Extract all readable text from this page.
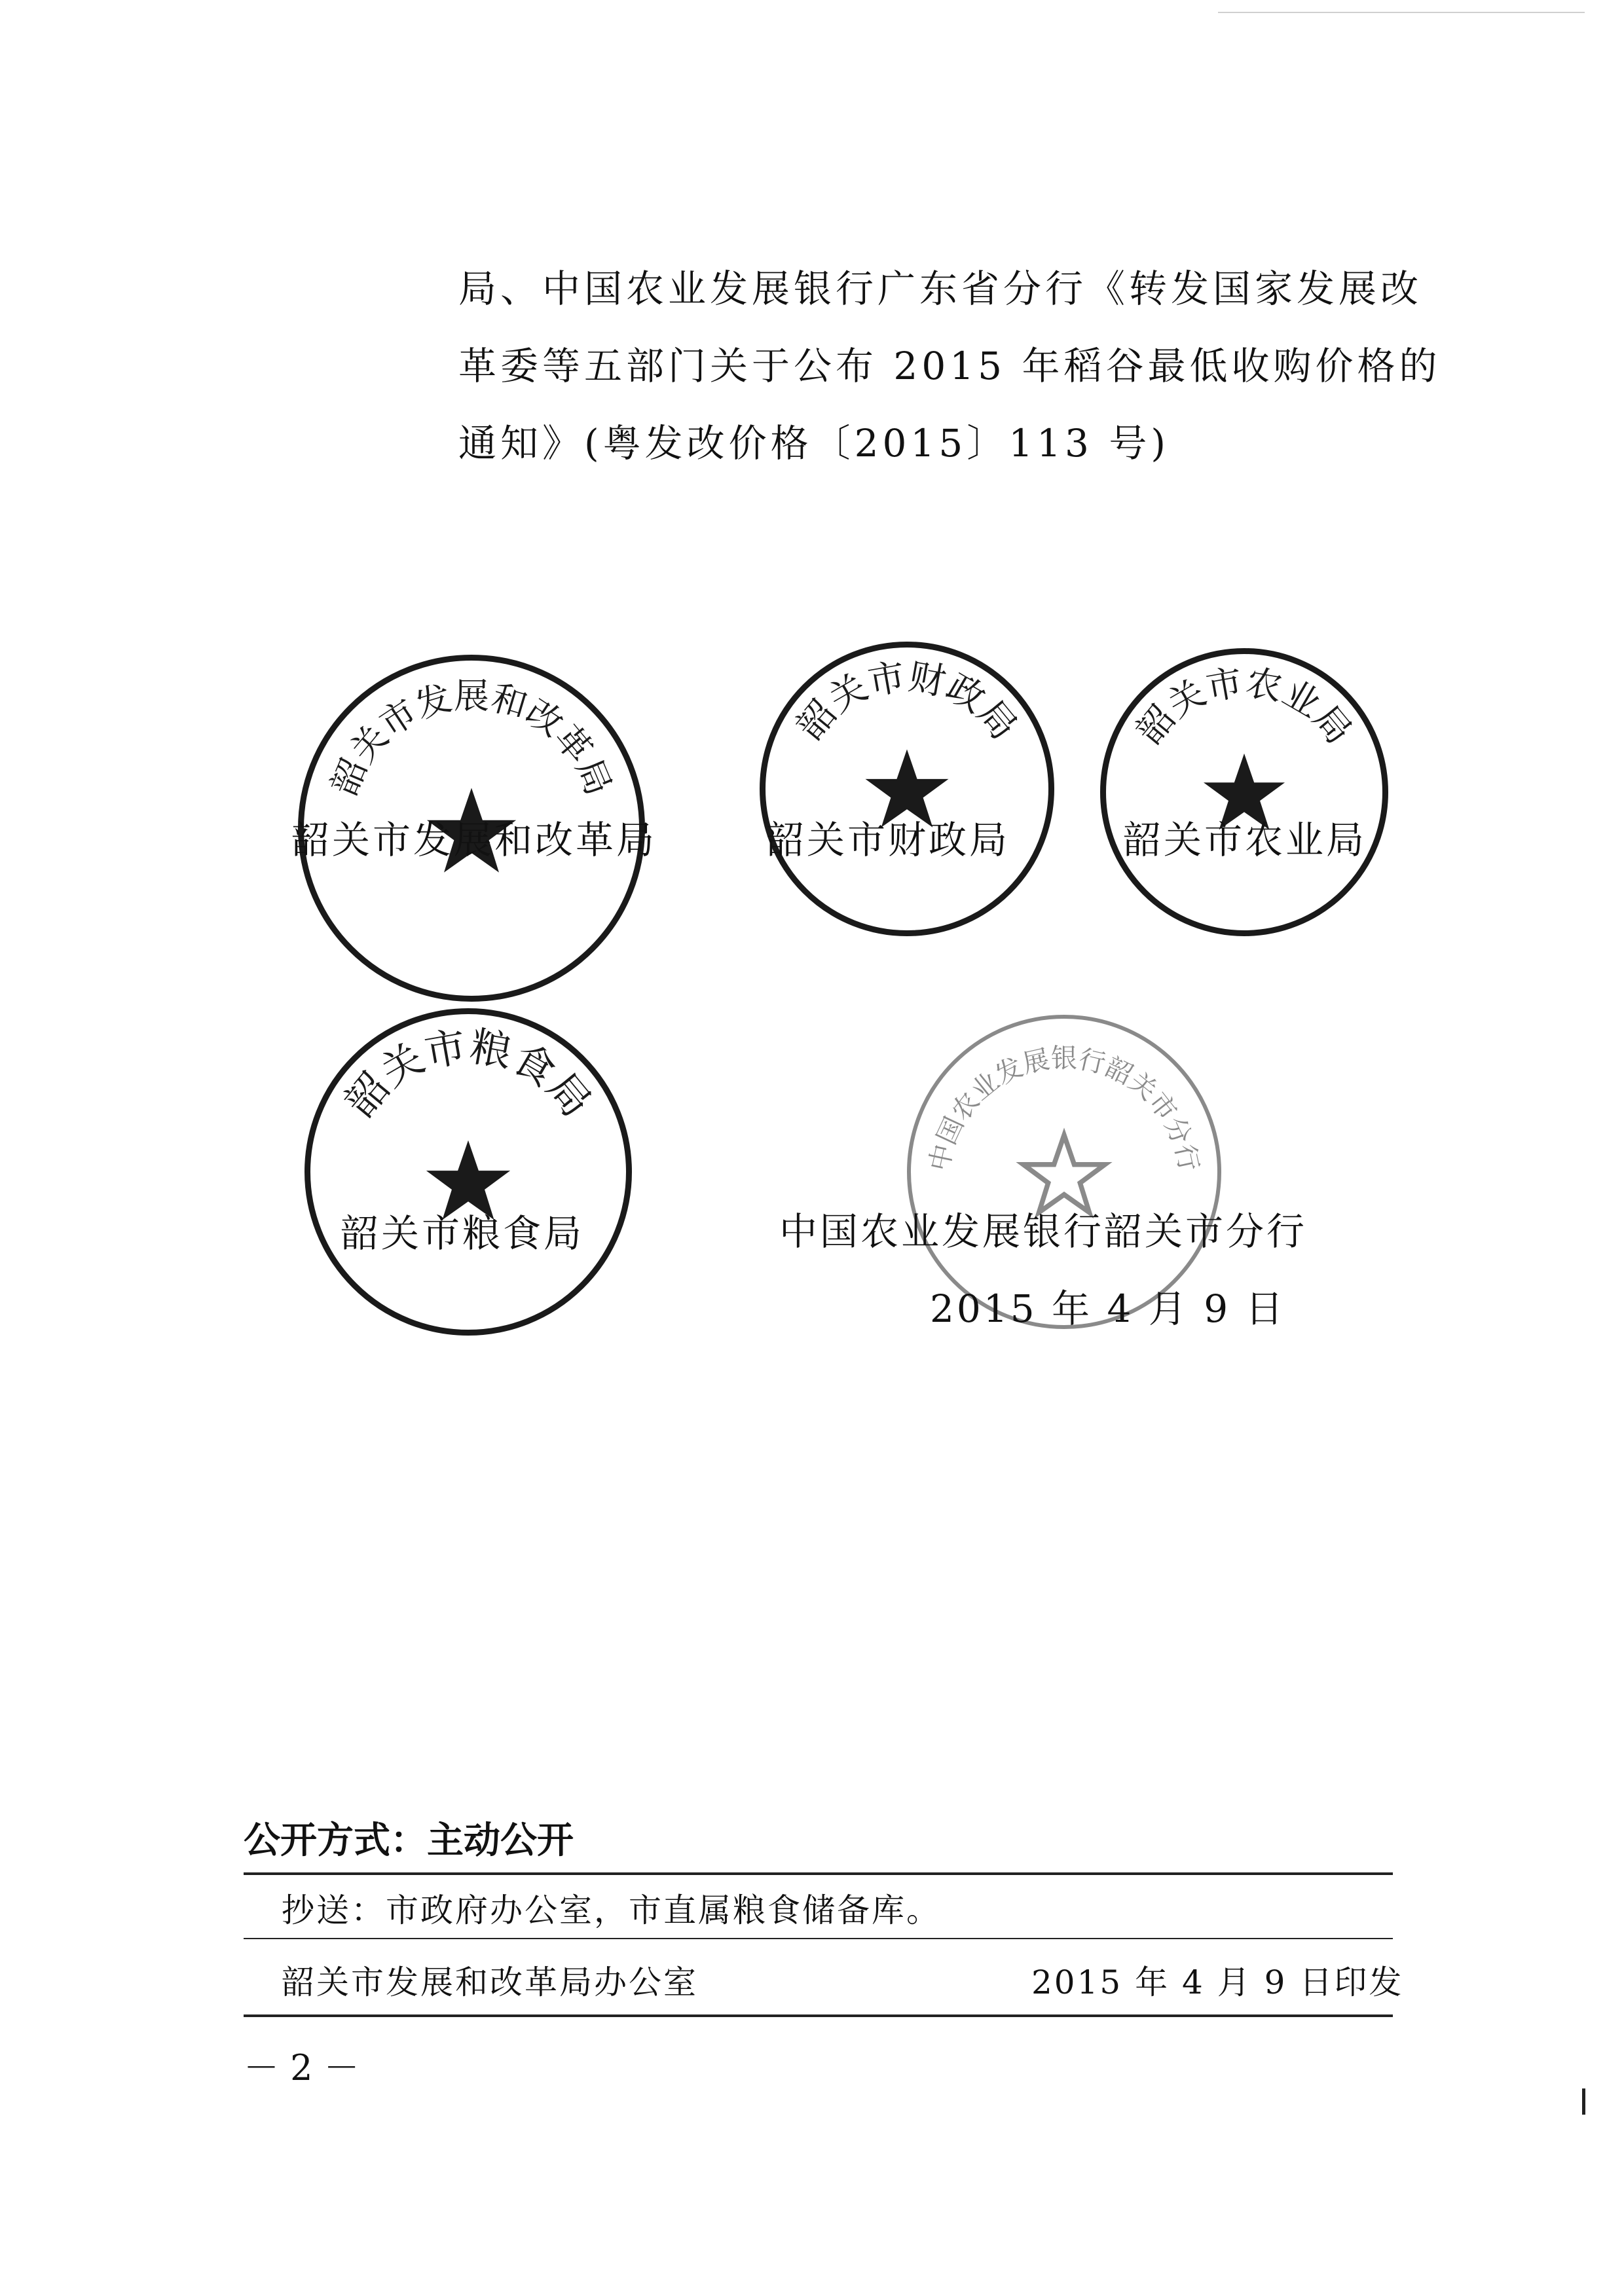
局、中国农业发展银行广东省分行《转发国家发展改
革委等五部门关于公布 2015 年稻谷最低收购价格的
通知》(粤发改价格〔2015〕113 号)
韶关市发展和改革局
韶关市发展和改革局
韶关市财政局
韶关市财政局
韶关市农业局
韶关市农业局
韶关市粮食局
韶关市粮食局
中国农业发展银行韶关市分行
中国农业发展银行韶关市分行
2015 年 4 月 9 日
公开方式：主动公开
抄送：市政府办公室，市直属粮食储备库。
韶关市发展和改革局办公室	2015 年 4 月 9 日印发
－ 2 －
